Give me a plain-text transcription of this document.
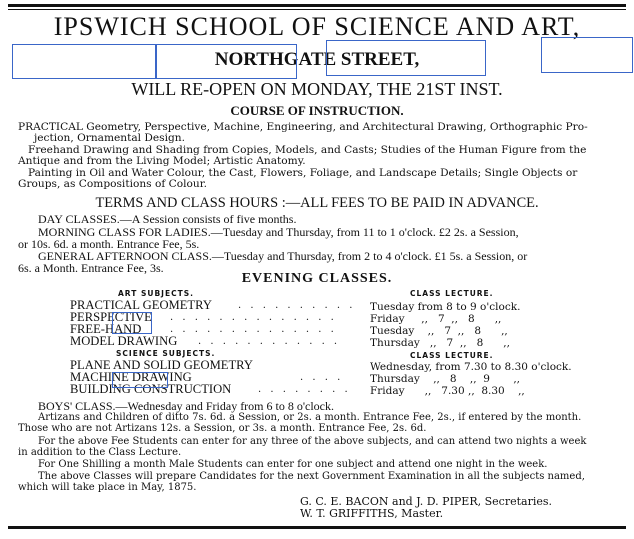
IPSWICH SCHOOL OF SCIENCE AND ART,
NORTHGATE STREET,
WILL RE-OPEN ON MONDAY, THE 21ST INST.
COURSE OF INSTRUCTION.
PRACTICAL Geometry, Perspective, Machine, Engineering, and Architectural Drawing, Orthographic Pro-
jection, Ornamental Design.
Freehand Drawing and Shading from Copies, Models, and Casts; Studies of the Human Figure from the
Antique and from the Living Model; Artistic Anatomy.
Painting in Oil and Water Colour, the Cast, Flowers, Foliage, and Landscape Details; Single Objects or
Groups, as Compositions of Colour.
TERMS AND CLASS HOURS :—ALL FEES TO BE PAID IN ADVANCE.
DAY CLASSES.—A Session consists of five months.
MORNING CLASS FOR LADIES.—Tuesday and Thursday, from 11 to 1 o'clock. £2 2s. a Session,
or 10s. 6d. a month. Entrance Fee, 5s.
GENERAL AFTERNOON CLASS.—Tuesday and Thursday, from 2 to 4 o'clock. £1 5s. a Session, or
6s. a Month. Entrance Fee, 3s.
EVENING CLASSES.
ART SUBJECTS.	CLASS LECTURE.
PRACTICAL GEOMETRY
PERSPECTIVE
FREE-HAND
MODEL DRAWING
. . . . . . . . . .
. . . . . . . . . . . . . .
. . . . . . . . . . . . . .
. . . . . . . . . . . .
Tuesday from 8 to 9 o'clock.
Friday     ,,   7  ,,   8      ,,
Tuesday    ,,   7  ,,   8      ,,
Thursday   ,,   7  ,,   8      ,,
SCIENCE SUBJECTS.	CLASS LECTURE.
PLANE AND SOLID GEOMETRY
MACHINE DRAWING
BUILDING CONSTRUCTION
. . . .
. . . . . . . .
Wednesday, from 7.30 to 8.30 o'clock.
Thursday    ,,   8    ,,  9       ,,
Friday      ,,   7.30 ,,  8.30    ,,
BOYS' CLASS.—Wednesday and Friday from 6 to 8 o'clock.
Artizans and Children of ditto 7s. 6d. a Session, or 2s. a month. Entrance Fee, 2s., if entered by the month.
Those who are not Artizans 12s. a Session, or 3s. a month. Entrance Fee, 2s. 6d.
For the above Fee Students can enter for any three of the above subjects, and can attend two nights a week
in addition to the Class Lecture.
For One Shilling a month Male Students can enter for one subject and attend one night in the week.
The above Classes will prepare Candidates for the next Government Examination in all the subjects named,
which will take place in May, 1875.
G. C. E. BACON and J. D. PIPER, Secretaries.
W. T. GRIFFITHS, Master.
